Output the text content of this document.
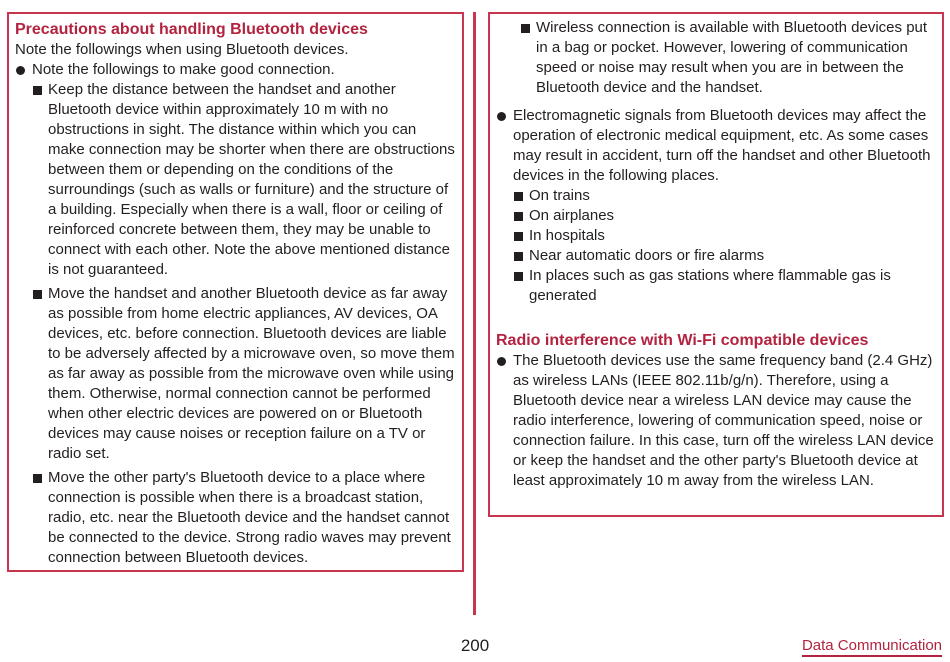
Precautions about handling Bluetooth devices

Note the followings when using Bluetooth devices.

Note the followings to make good connection.

Keep the distance between the handset and another Bluetooth device within approximately 10 m with no obstructions in sight. The distance within which you can make connection may be shorter when there are obstructions between them or depending on the conditions of the surroundings (such as walls or furniture) and the structure of a building. Especially when there is a wall, floor or ceiling of reinforced concrete between them, they may be unable to connect with each other. Note the above mentioned distance is not guaranteed.

Move the handset and another Bluetooth device as far away as possible from home electric appliances, AV devices, OA devices, etc. before connection. Bluetooth devices are liable to be adversely affected by a microwave oven, so move them as far away as possible from the microwave oven while using them. Otherwise, normal connection cannot be performed when other electric devices are powered on or Bluetooth devices may cause noises or reception failure on a TV or radio set.

Move the other party's Bluetooth device to a place where connection is possible when there is a broadcast station, radio, etc. near the Bluetooth device and the handset cannot be connected to the device. Strong radio waves may prevent connection between Bluetooth devices.

Wireless connection is available with Bluetooth devices put in a bag or pocket. However, lowering of communication speed or noise may result when you are in between the Bluetooth device and the handset.

Electromagnetic signals from Bluetooth devices may affect the operation of electronic medical equipment, etc. As some cases may result in accident, turn off the handset and other Bluetooth devices in the following places.

On trains

On airplanes

In hospitals

Near automatic doors or fire alarms

In places such as gas stations where flammable gas is generated

Radio interference with Wi-Fi compatible devices

The Bluetooth devices use the same frequency band (2.4 GHz) as wireless LANs (IEEE 802.11b/g/n). Therefore, using a Bluetooth device near a wireless LAN device may cause the radio interference, lowering of communication speed, noise or connection failure. In this case, turn off the wireless LAN device or keep the handset and the other party's Bluetooth device at least approximately 10 m away from the wireless LAN.

200	Data Communication
